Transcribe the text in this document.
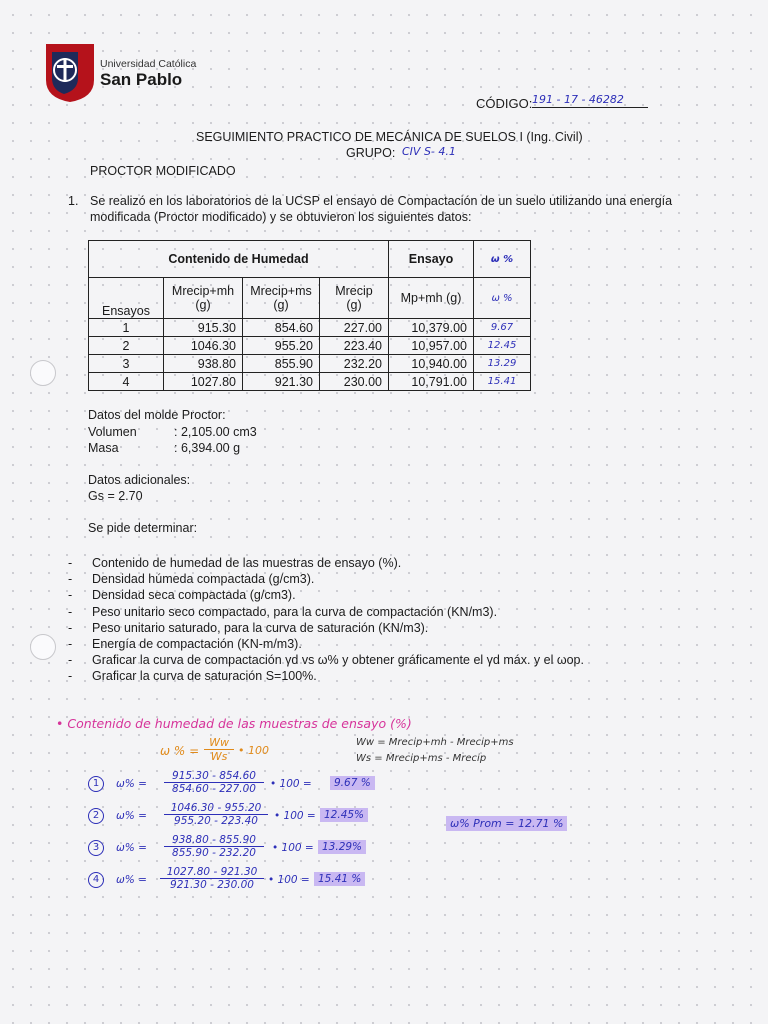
Universidad Católica
San Pablo
CÓDIGO: 191 - 17 - 46282
SEGUIMIENTO PRACTICO DE MECÁNICA DE SUELOS I (Ing. Civil)
GRUPO: CIV S- 4.1
PROCTOR MODIFICADO
1. Se realizó en los laboratorios de la UCSP el ensayo de Compactación de un suelo utilizando una energía
modificada (Proctor modificado) y se obtuvieron los siguientes datos:
Contenido de Humedad				Ensayo	ω %
Ensayos	Mrecip+mh (g)	Mrecip+ms (g)	Mrecip (g)	Mp+mh (g)	ω %
1	915.30	854.60	227.00	10,379.00	9.67
2	1046.30	955.20	223.40	10,957.00	12.45
3	938.80	855.90	232.20	10,940.00	13.29
4	1027.80	921.30	230.00	10,791.00	15.41
Datos del molde Proctor:
Volumen	: 2,105.00 cm3
Masa	: 6,394.00 g
Datos adicionales:
Gs = 2.70
Se pide determinar:
- Contenido de humedad de las muestras de ensayo (%).
- Densidad húmeda compactada (g/cm3).
- Densidad seca compactada (g/cm3).
- Peso unitario seco compactado, para la curva de compactación (KN/m3).
- Peso unitario saturado, para la curva de saturación (KN/m3).
- Energía de compactación (KN-m/m3).
- Graficar la curva de compactación γd vs ω% y obtener gráficamente el γd máx. y el ωop.
- Graficar la curva de saturación S=100%.
• Contenido de humedad de las muestras de ensayo (%)
ω % = $\frac{Ww}{Ws}$ • 100
Ww = Mrecip+mh - Mrecip+ms
Ws = Mrecip+ms - Mrecip
1	$\omega\% = \frac{915.30 - 854.60}{854.60 - 227.00}$ • 100 =	9.67 %
2	$\omega\% = \frac{1046.30 - 955.20}{955.20 - 223.40}$ • 100 = 12.45%
ω% Prom = 12.71 %
3	$\omega\% = \frac{938.80 - 855.90}{855.90 - 232.20}$ • 100 = 13.29%
4	$\omega\% = \frac{1027.80 - 921.30}{921.30 - 230.00}$ • 100 = 15.41 %
